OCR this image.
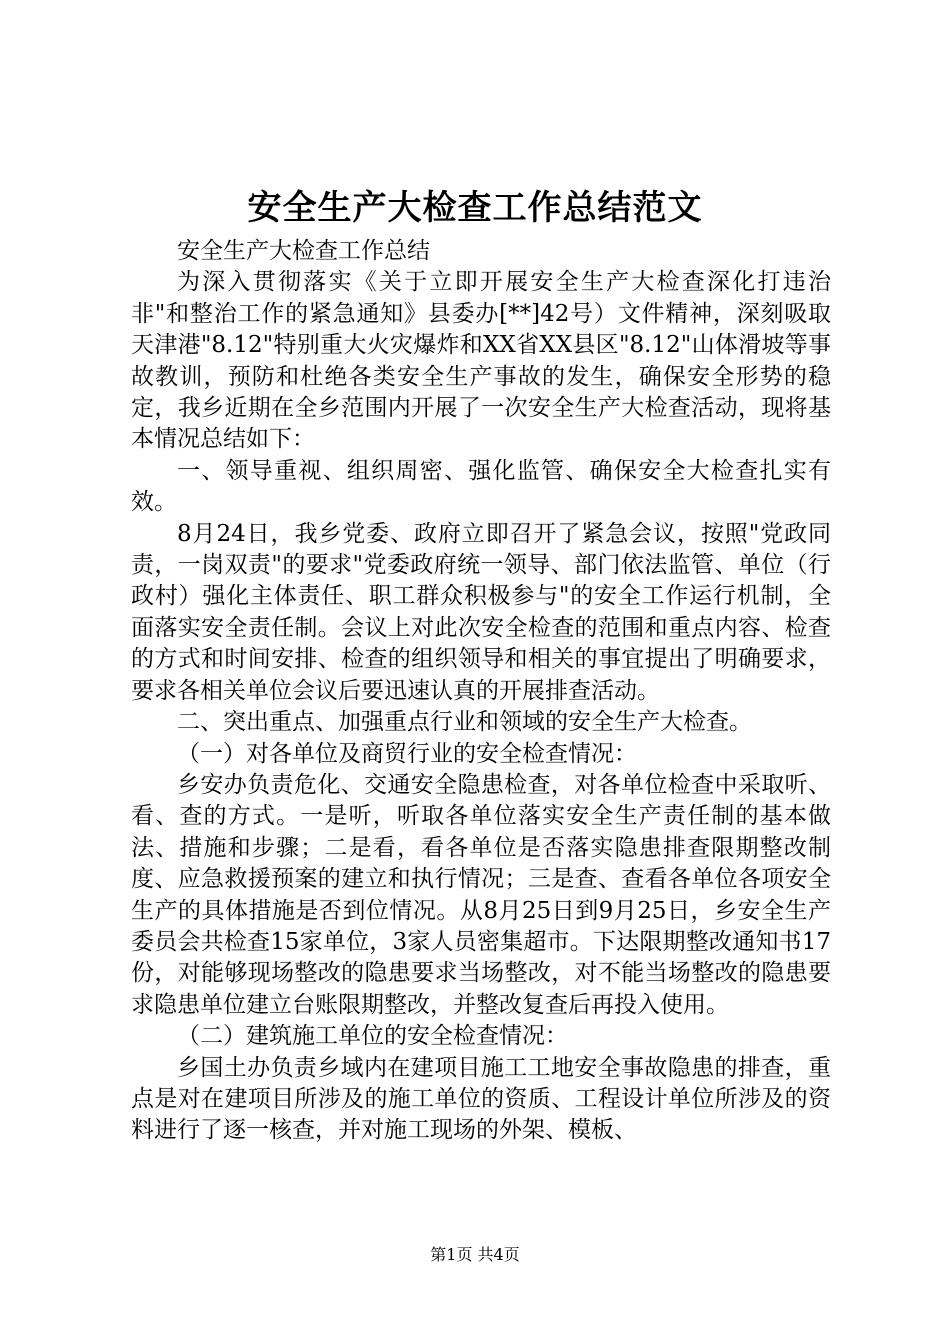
安全生产大检查工作总结范文

安全生产大检查工作总结

为深入贯彻落实《关于立即开展安全生产大检查深化打违治非"和整治工作的紧急通知》县委办[**]42号）文件精神，深刻吸取天津港"8.12"特别重大火灾爆炸和XX省XX县区"8.12"山体滑坡等事故教训，预防和杜绝各类安全生产事故的发生，确保安全形势的稳定，我乡近期在全乡范围内开展了一次安全生产大检查活动，现将基本情况总结如下：

一、领导重视、组织周密、强化监管、确保安全大检查扎实有效。

8月24日，我乡党委、政府立即召开了紧急会议，按照"党政同责，一岗双责"的要求"党委政府统一领导、部门依法监管、单位（行政村）强化主体责任、职工群众积极参与"的安全工作运行机制，全面落实安全责任制。会议上对此次安全检查的范围和重点内容、检查的方式和时间安排、检查的组织领导和相关的事宜提出了明确要求，要求各相关单位会议后要迅速认真的开展排查活动。

二、突出重点、加强重点行业和领域的安全生产大检查。

（一）对各单位及商贸行业的安全检查情况：

乡安办负责危化、交通安全隐患检查，对各单位检查中采取听、看、查的方式。一是听，听取各单位落实安全生产责任制的基本做法、措施和步骤；二是看，看各单位是否落实隐患排查限期整改制度、应急救援预案的建立和执行情况；三是查、查看各单位各项安全生产的具体措施是否到位情况。从8月25日到9月25日，乡安全生产委员会共检查15家单位，3家人员密集超市。下达限期整改通知书17份，对能够现场整改的隐患要求当场整改，对不能当场整改的隐患要求隐患单位建立台账限期整改，并整改复查后再投入使用。

（二）建筑施工单位的安全检查情况：

乡国土办负责乡域内在建项目施工工地安全事故隐患的排查，重点是对在建项目所涉及的施工单位的资质、工程设计单位所涉及的资料进行了逐一核查，并对施工现场的外架、模板、

第1页 共4页
